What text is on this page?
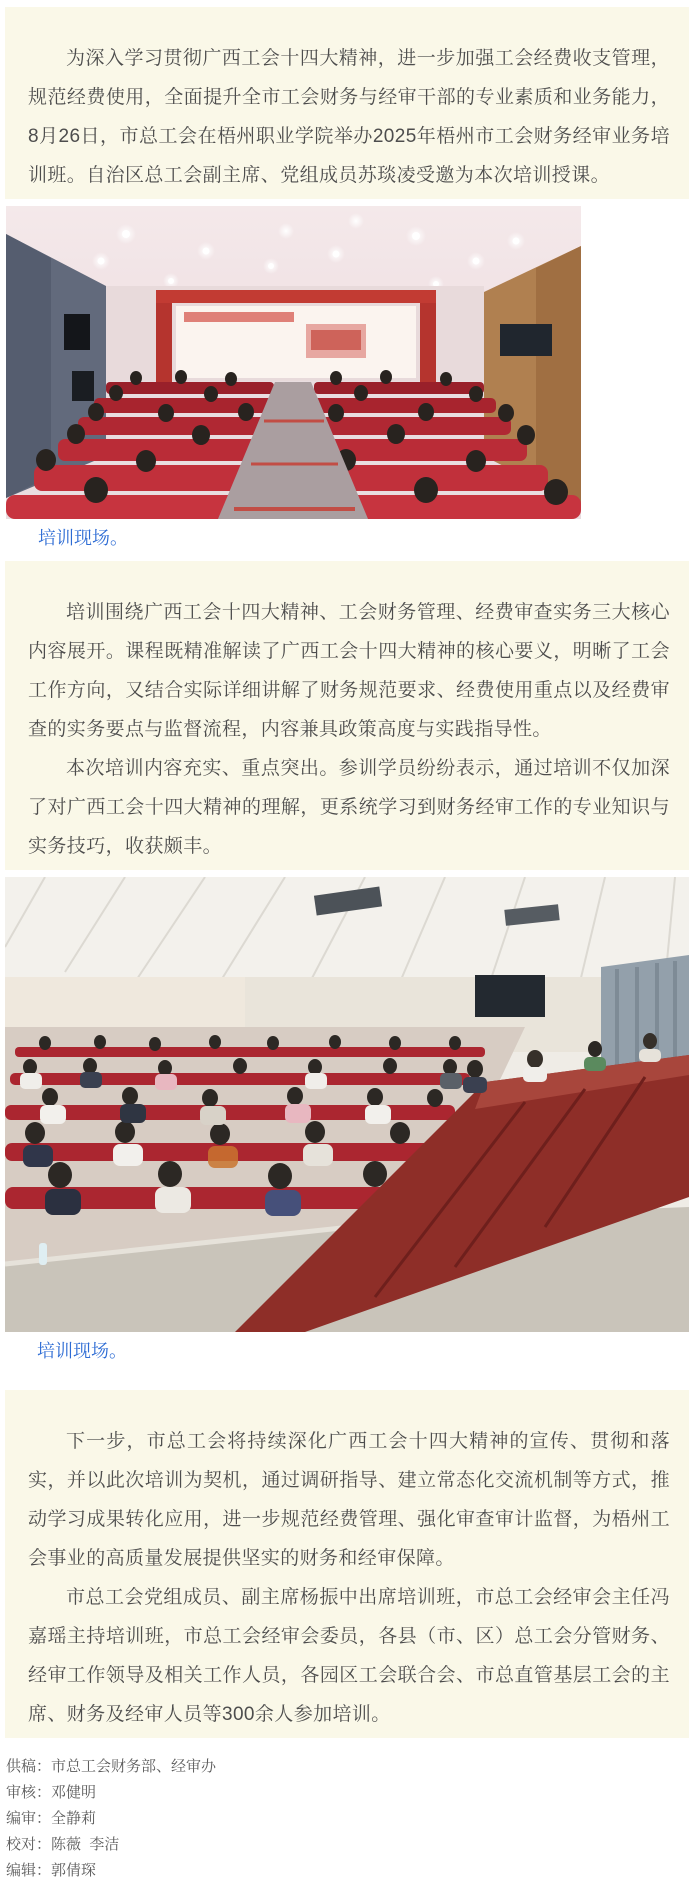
为深入学习贯彻广西工会十四大精神，进一步加强工会经费收支管理，规范经费使用，全面提升全市工会财务与经审干部的专业素质和业务能力，8月26日，市总工会在梧州职业学院举办2025年梧州市工会财务经审业务培训班。自治区总工会副主席、党组成员苏琰凌受邀为本次培训授课。

培训现场。

培训围绕广西工会十四大精神、工会财务管理、经费审查实务三大核心内容展开。课程既精准解读了广西工会十四大精神的核心要义，明晰了工会工作方向，又结合实际详细讲解了财务规范要求、经费使用重点以及经费审查的实务要点与监督流程，内容兼具政策高度与实践指导性。

本次培训内容充实、重点突出。参训学员纷纷表示，通过培训不仅加深了对广西工会十四大精神的理解，更系统学习到财务经审工作的专业知识与实务技巧，收获颇丰。

培训现场。

下一步，市总工会将持续深化广西工会十四大精神的宣传、贯彻和落实，并以此次培训为契机，通过调研指导、建立常态化交流机制等方式，推动学习成果转化应用，进一步规范经费管理、强化审查审计监督，为梧州工会事业的高质量发展提供坚实的财务和经审保障。

市总工会党组成员、副主席杨振中出席培训班，市总工会经审会主任冯嘉瑶主持培训班，市总工会经审会委员，各县（市、区）总工会分管财务、经审工作领导及相关工作人员，各园区工会联合会、市总直管基层工会的主席、财务及经审人员等300余人参加培训。

供稿：市总工会财务部、经审办

审核：邓健明

编审：全静莉

校对：陈薇  李洁

编辑：郭倩琛
